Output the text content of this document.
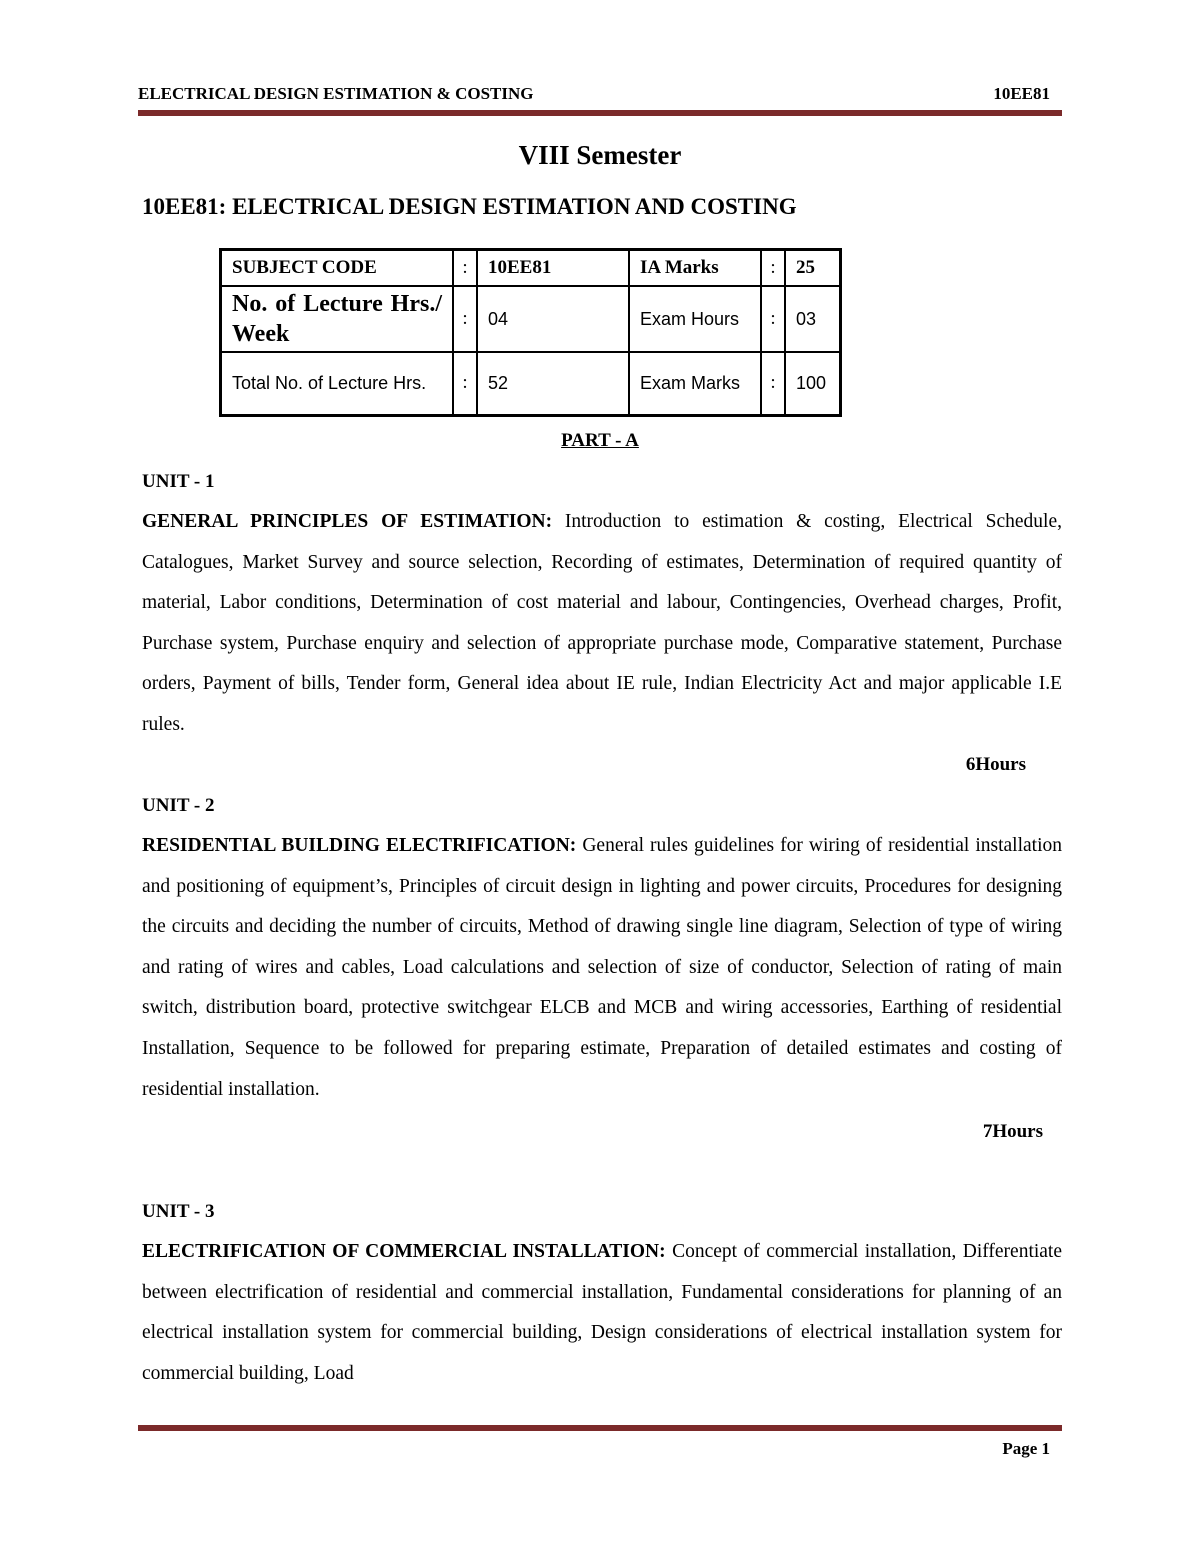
ELECTRICAL DESIGN ESTIMATION & COSTING	10EE81
VIII Semester
10EE81: ELECTRICAL DESIGN ESTIMATION AND COSTING
SUBJECT CODE	:	10EE81	IA Marks	:	25
No. of Lecture Hrs./ Week	:	04	Exam Hours	:	03
Total No. of Lecture Hrs.	:	52	Exam Marks	:	100
PART - A
UNIT - 1

GENERAL PRINCIPLES OF ESTIMATION: Introduction to estimation & costing, Electrical Schedule, Catalogues, Market Survey and source selection, Recording of estimates, Determination of required quantity of material, Labor conditions, Determination of cost material and labour, Contingencies, Overhead charges, Profit, Purchase system, Purchase enquiry and selection of appropriate purchase mode, Comparative statement, Purchase orders, Payment of bills, Tender form, General idea about IE rule, Indian Electricity Act and major applicable I.E rules.

6Hours
UNIT - 2

RESIDENTIAL BUILDING ELECTRIFICATION: General rules guidelines for wiring of residential installation and positioning of equipment’s, Principles of circuit design in lighting and power circuits, Procedures for designing the circuits and deciding the number of circuits, Method of drawing single line diagram, Selection of type of wiring and rating of wires and cables, Load calculations and selection of size of conductor, Selection of rating of main switch, distribution board, protective switchgear ELCB and MCB and wiring accessories, Earthing of residential Installation, Sequence to be followed for preparing estimate, Preparation of detailed estimates and costing of residential installation.

7Hours
UNIT - 3

ELECTRIFICATION OF COMMERCIAL INSTALLATION: Concept of commercial installation, Differentiate between electrification of residential and commercial installation, Fundamental considerations for planning of an electrical installation system for commercial building, Design considerations of electrical installation system for commercial building, Load

Page 1
